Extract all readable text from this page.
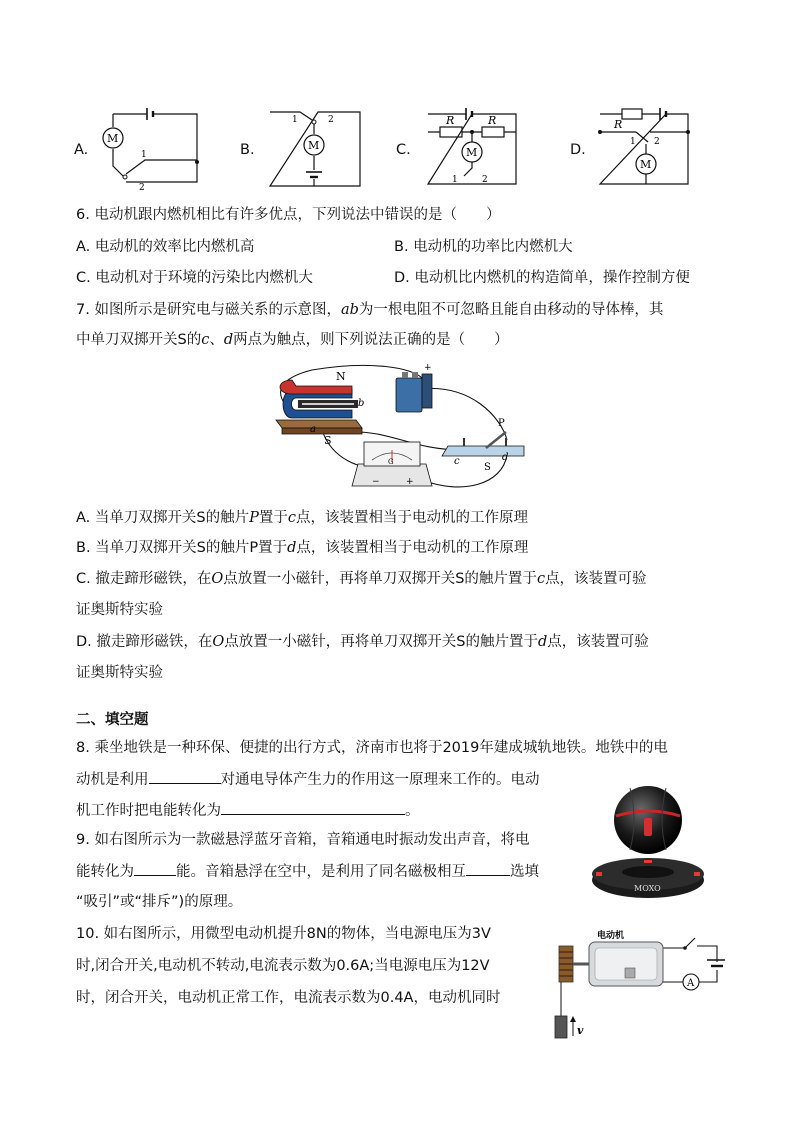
A.
M
1
2
B.	M
1	2
C.	M
R	R
1	2
D.
M
R
1 2
6. 电动机跟内燃机相比有许多优点，下列说法中错误的是（　　）
A. 电动机的效率比内燃机高	B. 电动机的功率比内燃机大
C. 电动机对于环境的污染比内燃机大	D. 电动机比内燃机的构造简单，操作控制方便
7. 如图所示是研究电与磁关系的示意图，ab为一根电阻不可忽略且能自由移动的导体棒，其
中单刀双掷开关S的c、d两点为触点，则下列说法正确的是（　　）
N
S
a
b
+
G
−	+
P
c	d
S
A. 当单刀双掷开关S的触片P置于c点，该装置相当于电动机的工作原理
B. 当单刀双掷开关S的触片P置于d点，该装置相当于电动机的工作原理
C. 撤走蹄形磁铁，在O点放置一小磁针，再将单刀双掷开关S的触片置于c点，该装置可验
证奥斯特实验
D. 撤走蹄形磁铁，在O点放置一小磁针，再将单刀双掷开关S的触片置于d点，该装置可验
证奥斯特实验
二、填空题
8. 乘坐地铁是一种环保、便捷的出行方式，济南市也将于2019年建成城轨地铁。地铁中的电
动机是利用	对通电导体产生力的作用这一原理来工作的。电动
机工作时把电能转化为	。
MOXO
9. 如右图所示为一款磁悬浮蓝牙音箱，音箱通电时振动发出声音，将电
能转化为	能。音箱悬浮在空中，是利用了同名磁极相互	选填
“吸引”或“排斥”)的原理。
10. 如右图所示，用微型电动机提升8N的物体，当电源电压为3V
时,闭合开关,电动机不转动,电流表示数为0.6A;当电源电压为12V
时，闭合开关，电动机正常工作，电流表示数为0.4A，电动机同时
A
电动机
v
